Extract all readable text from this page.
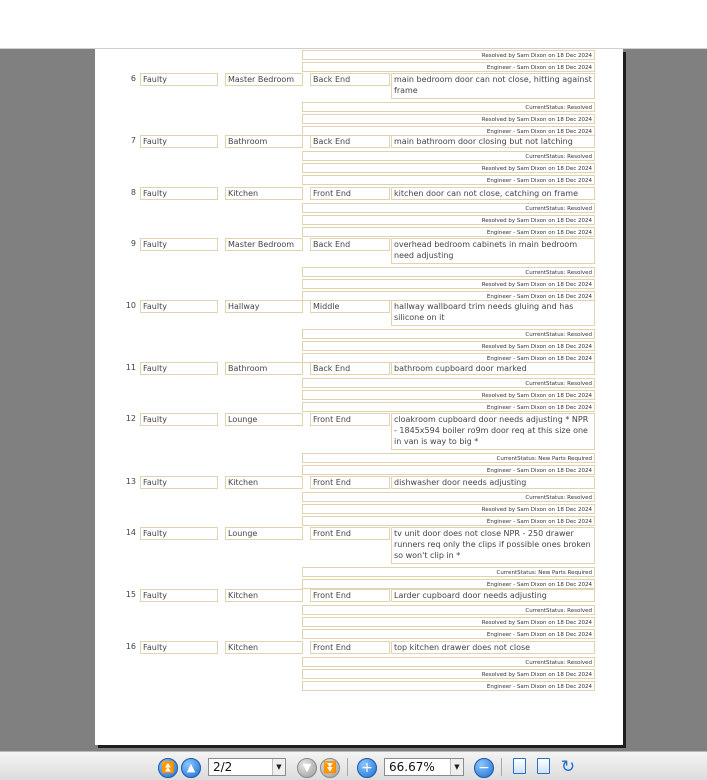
Resolved by Sam Dixon on 18 Dec 2024
Engineer - Sam Dixon on 18 Dec 2024
6 Faulty	Master Bedroom	Back End	main bedroom door can not close, hitting against frame
CurrentStatus: Resolved
Resolved by Sam Dixon on 18 Dec 2024
Engineer - Sam Dixon on 18 Dec 2024
7 Faulty	Bathroom	Back End	main bathroom door closing but not latching
CurrentStatus: Resolved
Resolved by Sam Dixon on 18 Dec 2024
Engineer - Sam Dixon on 18 Dec 2024
8 Faulty	Kitchen	Front End	kitchen door can not close, catching on frame
CurrentStatus: Resolved
Resolved by Sam Dixon on 18 Dec 2024
Engineer - Sam Dixon on 18 Dec 2024
9 Faulty	Master Bedroom	Back End	overhead bedroom cabinets in main bedroom need adjusting
CurrentStatus: Resolved
Resolved by Sam Dixon on 18 Dec 2024
Engineer - Sam Dixon on 18 Dec 2024
10 Faulty	Hallway	Middle	hallway wallboard trim needs gluing and has silicone on it
CurrentStatus: Resolved
Resolved by Sam Dixon on 18 Dec 2024
Engineer - Sam Dixon on 18 Dec 2024
11 Faulty	Bathroom	Back End	bathroom cupboard door marked
CurrentStatus: Resolved
Resolved by Sam Dixon on 18 Dec 2024
Engineer - Sam Dixon on 18 Dec 2024
12 Faulty	Lounge	Front End	cloakroom cupboard door needs adjusting * NPR - 1845x594 boiler ro9m door req at this size one in van is way to big *
CurrentStatus: New Parts Required
Engineer - Sam Dixon on 18 Dec 2024
13 Faulty	Kitchen	Front End	dishwasher door needs adjusting
CurrentStatus: Resolved
Resolved by Sam Dixon on 18 Dec 2024
Engineer - Sam Dixon on 18 Dec 2024
14 Faulty	Lounge	Front End	tv unit door does not close NPR - 250 drawer runners req only the clips if possible ones broken so won't clip in *
CurrentStatus: New Parts Required
Engineer - Sam Dixon on 18 Dec 2024
15 Faulty	Kitchen	Front End	Larder cupboard door needs adjusting
CurrentStatus: Resolved
Resolved by Sam Dixon on 18 Dec 2024
Engineer - Sam Dixon on 18 Dec 2024
16 Faulty	Kitchen	Front End	top kitchen drawer does not close
CurrentStatus: Resolved
Resolved by Sam Dixon on 18 Dec 2024
Engineer - Sam Dixon on 18 Dec 2024
⏫	▲	2/2	▼	▼	⏬ +	66.67%	▼ −	↻
